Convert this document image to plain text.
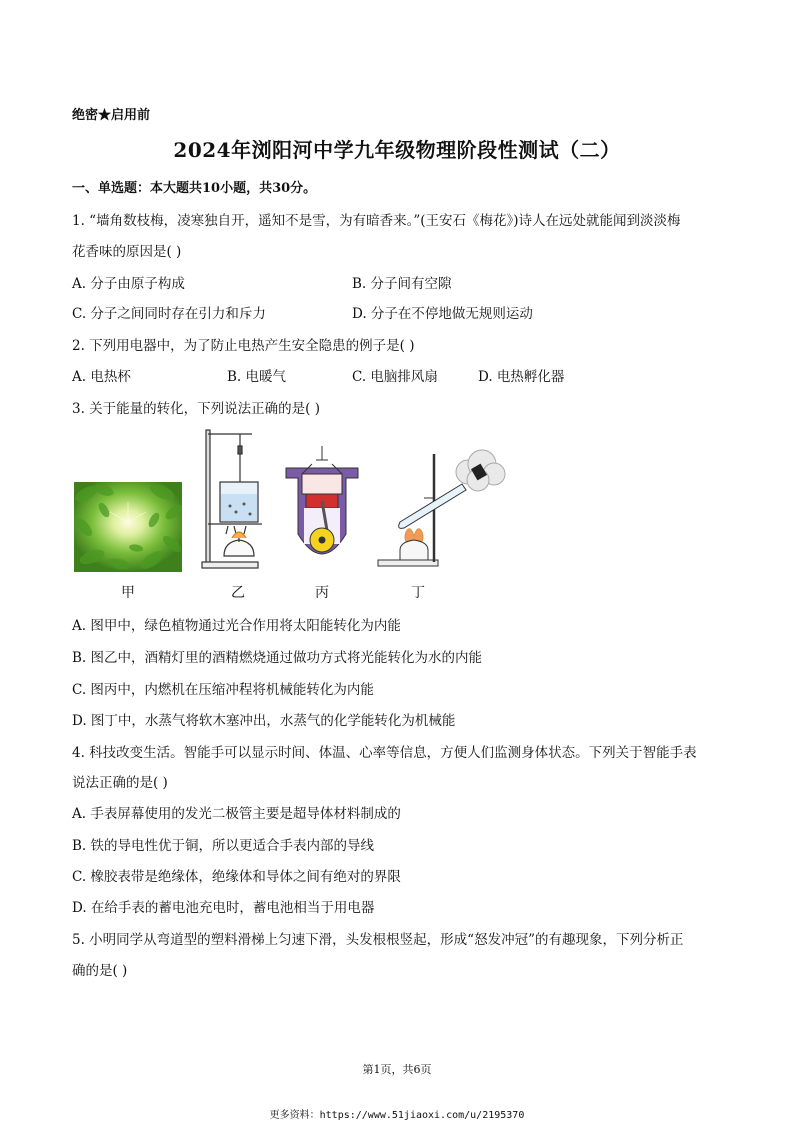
绝密★启用前
2024年浏阳河中学九年级物理阶段性测试（二）
一、单选题：本大题共10小题，共30分。
1. “墙角数枝梅，凌寒独自开，遥知不是雪，为有暗香来。”(王安石《梅花》)诗人在远处就能闻到淡淡梅
花香味的原因是( )
A. 分子由原子构成	B. 分子间有空隙
C. 分子之间同时存在引力和斥力	D. 分子在不停地做无规则运动
2. 下列用电器中，为了防止电热产生安全隐患的例子是( )
A. 电热杯	B. 电暖气	C. 电脑排风扇	D. 电热孵化器
3. 关于能量的转化，下列说法正确的是( )
甲	乙	丙	丁
A. 图甲中，绿色植物通过光合作用将太阳能转化为内能
B. 图乙中，酒精灯里的酒精燃烧通过做功方式将光能转化为水的内能
C. 图丙中，内燃机在压缩冲程将机械能转化为内能
D. 图丁中，水蒸气将软木塞冲出，水蒸气的化学能转化为机械能
4. 科技改变生活。智能手可以显示时间、体温、心率等信息，方便人们监测身体状态。下列关于智能手表
说法正确的是( )
A. 手表屏幕使用的发光二极管主要是超导体材料制成的
B. 铁的导电性优于铜，所以更适合手表内部的导线
C. 橡胶表带是绝缘体，绝缘体和导体之间有绝对的界限
D. 在给手表的蓄电池充电时，蓄电池相当于用电器
5. 小明同学从弯道型的塑料滑梯上匀速下滑，头发根根竖起，形成“怒发冲冠”的有趣现象，下列分析正
确的是( )
第1页，共6页
更多资料：https://www.51jiaoxi.com/u/2195370
